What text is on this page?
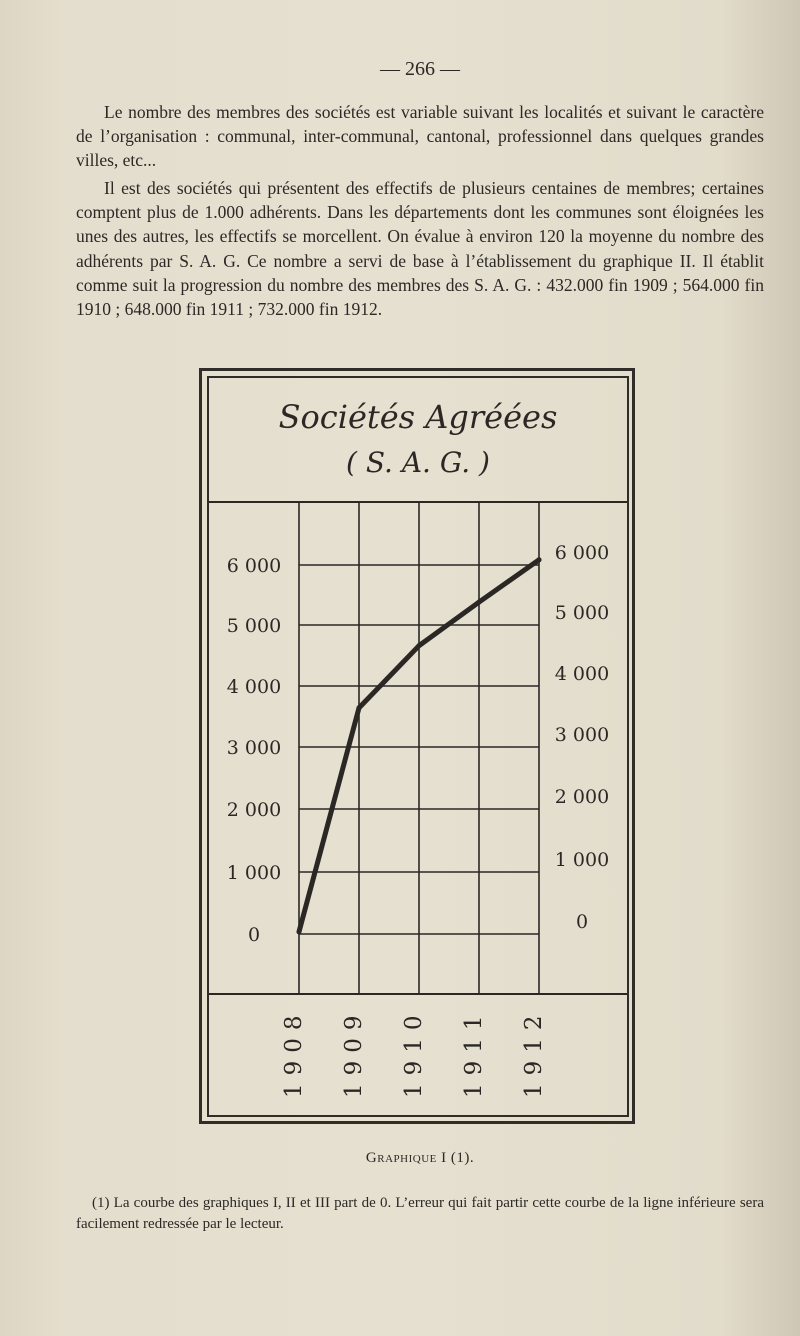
— 266 —

Le nombre des membres des sociétés est variable suivant les localités et suivant le caractère de l’organisation : communal, inter-communal, cantonal, professionnel dans quelques grandes villes, etc...

Il est des sociétés qui présentent des effectifs de plusieurs centaines de membres; certaines comptent plus de 1.000 adhérents. Dans les départements dont les communes sont éloignées les unes des autres, les effectifs se morcellent. On évalue à environ 120 la moyenne du nombre des adhérents par S. A. G. Ce nombre a servi de base à l’établissement du graphique II. Il établit comme suit la progression du nombre des membres des S. A. G. : 432.000 fin 1909 ; 564.000 fin 1910 ; 648.000 fin 1911 ; 732.000 fin 1912.

Sociétés Agréées
( S. A. G. )
6 000
5 000
4 000
3 000
2 000
1 000
0
6 000
5 000
4 000
3 000
2 000
1 000
0
1908 1909 1910 1911 1912
Graphique I (1).

(1) La courbe des graphiques I, II et III part de 0. L’erreur qui fait partir cette courbe de la ligne inférieure sera facilement redressée par le lecteur.
